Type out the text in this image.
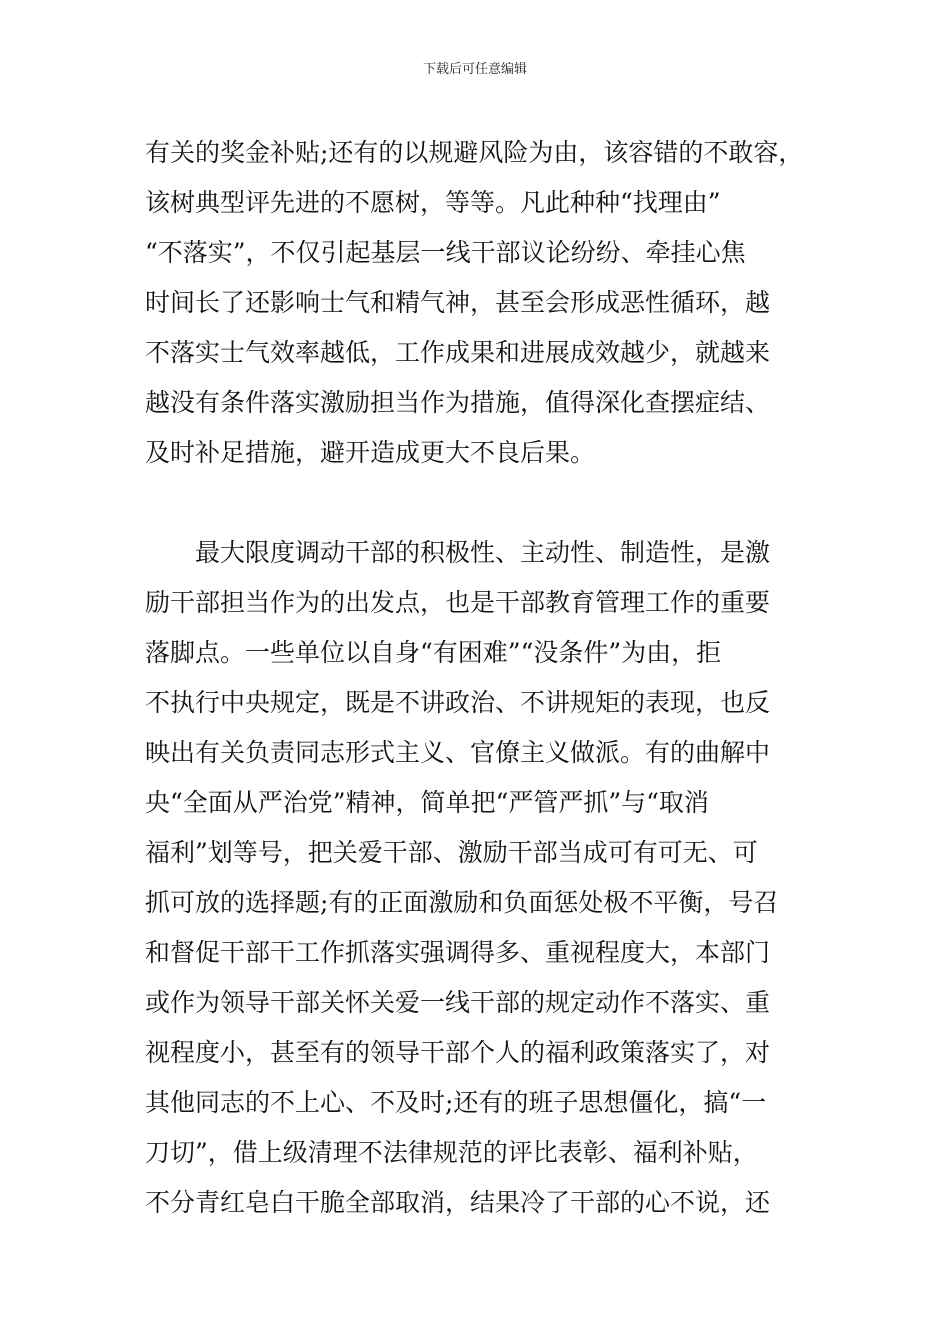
下载后可任意编辑
有关的奖金补贴;还有的以规避风险为由，该容错的不敢容，
该树典型评先进的不愿树，等等。凡此种种“找理由”
“不落实”，不仅引起基层一线干部议论纷纷、牵挂心焦
时间长了还影响士气和精气神，甚至会形成恶性循环，越
不落实士气效率越低，工作成果和进展成效越少，就越来
越没有条件落实激励担当作为措施，值得深化查摆症结、
及时补足措施，避开造成更大不良后果。
最大限度调动干部的积极性、主动性、制造性，是激
励干部担当作为的出发点，也是干部教育管理工作的重要
落脚点。一些单位以自身“有困难”“没条件”为由，拒
不执行中央规定，既是不讲政治、不讲规矩的表现，也反
映出有关负责同志形式主义、官僚主义做派。有的曲解中
央“全面从严治党”精神，简单把“严管严抓”与“取消
福利”划等号，把关爱干部、激励干部当成可有可无、可
抓可放的选择题;有的正面激励和负面惩处极不平衡，号召
和督促干部干工作抓落实强调得多、重视程度大，本部门
或作为领导干部关怀关爱一线干部的规定动作不落实、重
视程度小，甚至有的领导干部个人的福利政策落实了，对
其他同志的不上心、不及时;还有的班子思想僵化，搞“一
刀切”，借上级清理不法律规范的评比表彰、福利补贴，
不分青红皂白干脆全部取消，结果冷了干部的心不说，还
